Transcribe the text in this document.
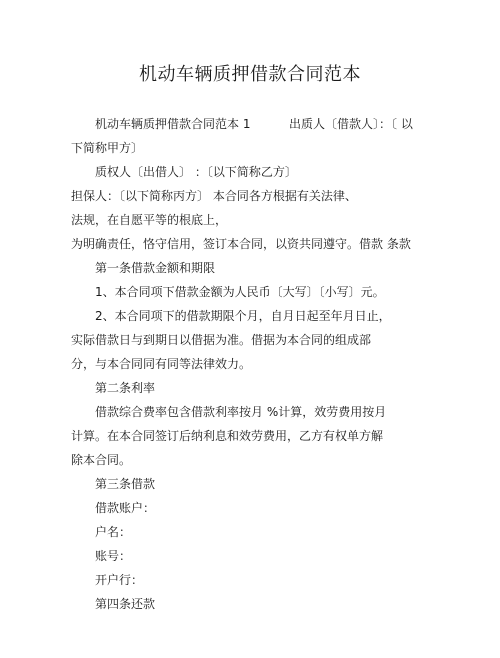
机动车辆质押借款合同范本
机动车辆质押借款合同范本 1	出质人〔借款人〕：〔 以
下简称甲方〕
质权人〔出借人〕 ：〔以下简称乙方〕
担保人：〔以下简称丙方〕 本合同各方根据有关法律、
法规，在自愿平等的根底上，
为明确责任，恪守信用，签订本合同，以资共同遵守。借款 条款
第一条借款金额和期限
1、本合同项下借款金额为人民币〔大写〕〔小写〕元。
2、本合同项下的借款期限个月，自月日起至年月日止，
实际借款日与到期日以借据为准。借据为本合同的组成部
分，与本合同同有同等法律效力。
第二条利率
借款综合费率包含借款利率按月 %计算，效劳费用按月
计算。在本合同签订后纳利息和效劳费用，乙方有权单方解
除本合同。
第三条借款
借款账户：
户名：
账号：
开户行：
第四条还款
